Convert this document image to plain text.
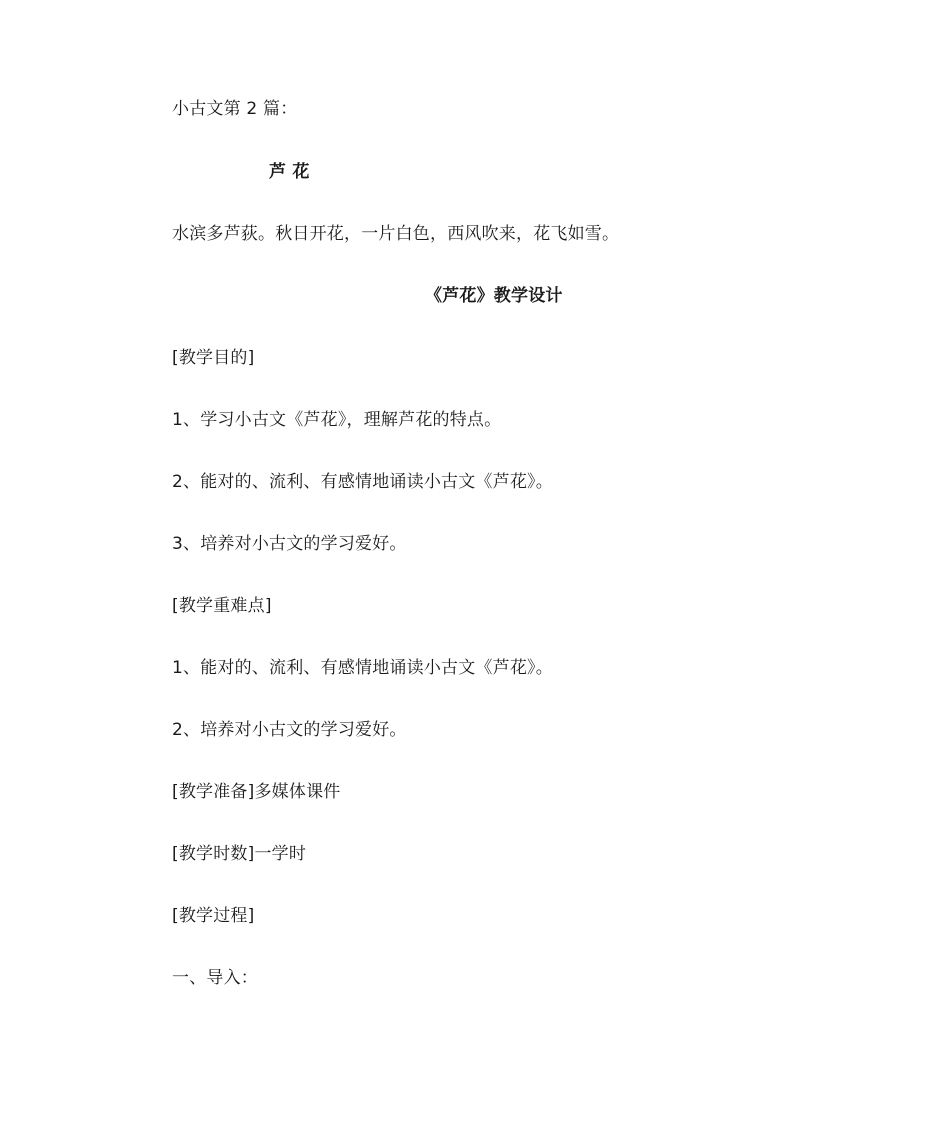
小古文第 2 篇：
芦 花
水滨多芦荻。秋日开花，一片白色，西风吹来，花飞如雪。
《芦花》教学设计
[教学目的]
1、学习小古文《芦花》，理解芦花的特点。
2、能对的、流利、有感情地诵读小古文《芦花》。
3、培养对小古文的学习爱好。
[教学重难点]
1、能对的、流利、有感情地诵读小古文《芦花》。
2、培养对小古文的学习爱好。
[教学准备]多媒体课件
[教学时数]一学时
[教学过程]
一、导入：
